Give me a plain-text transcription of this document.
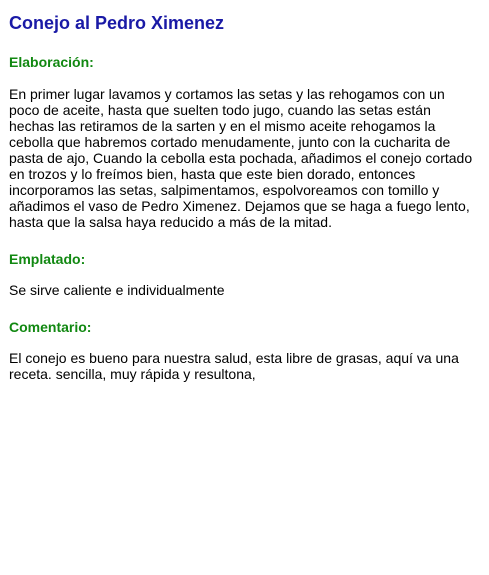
Conejo al Pedro Ximenez
Elaboración:

En primer lugar lavamos y cortamos las setas y las rehogamos con un poco de aceite, hasta que suelten todo jugo, cuando las setas están hechas las retiramos de la sarten y en el mismo aceite rehogamos la cebolla que habremos cortado menudamente, junto con la cucharita de pasta de ajo, Cuando la cebolla esta pochada, añadimos el conejo cortado en trozos y lo freímos bien, hasta que este bien dorado, entonces incorporamos las setas, salpimentamos, espolvoreamos con tomillo y añadimos el vaso de Pedro Ximenez. Dejamos que se haga a fuego lento, hasta que la salsa haya reducido a más de la mitad.

Emplatado:

Se sirve caliente e individualmente

Comentario:

El conejo es bueno para nuestra salud, esta libre de grasas, aquí va una receta. sencilla, muy rápida y resultona,
